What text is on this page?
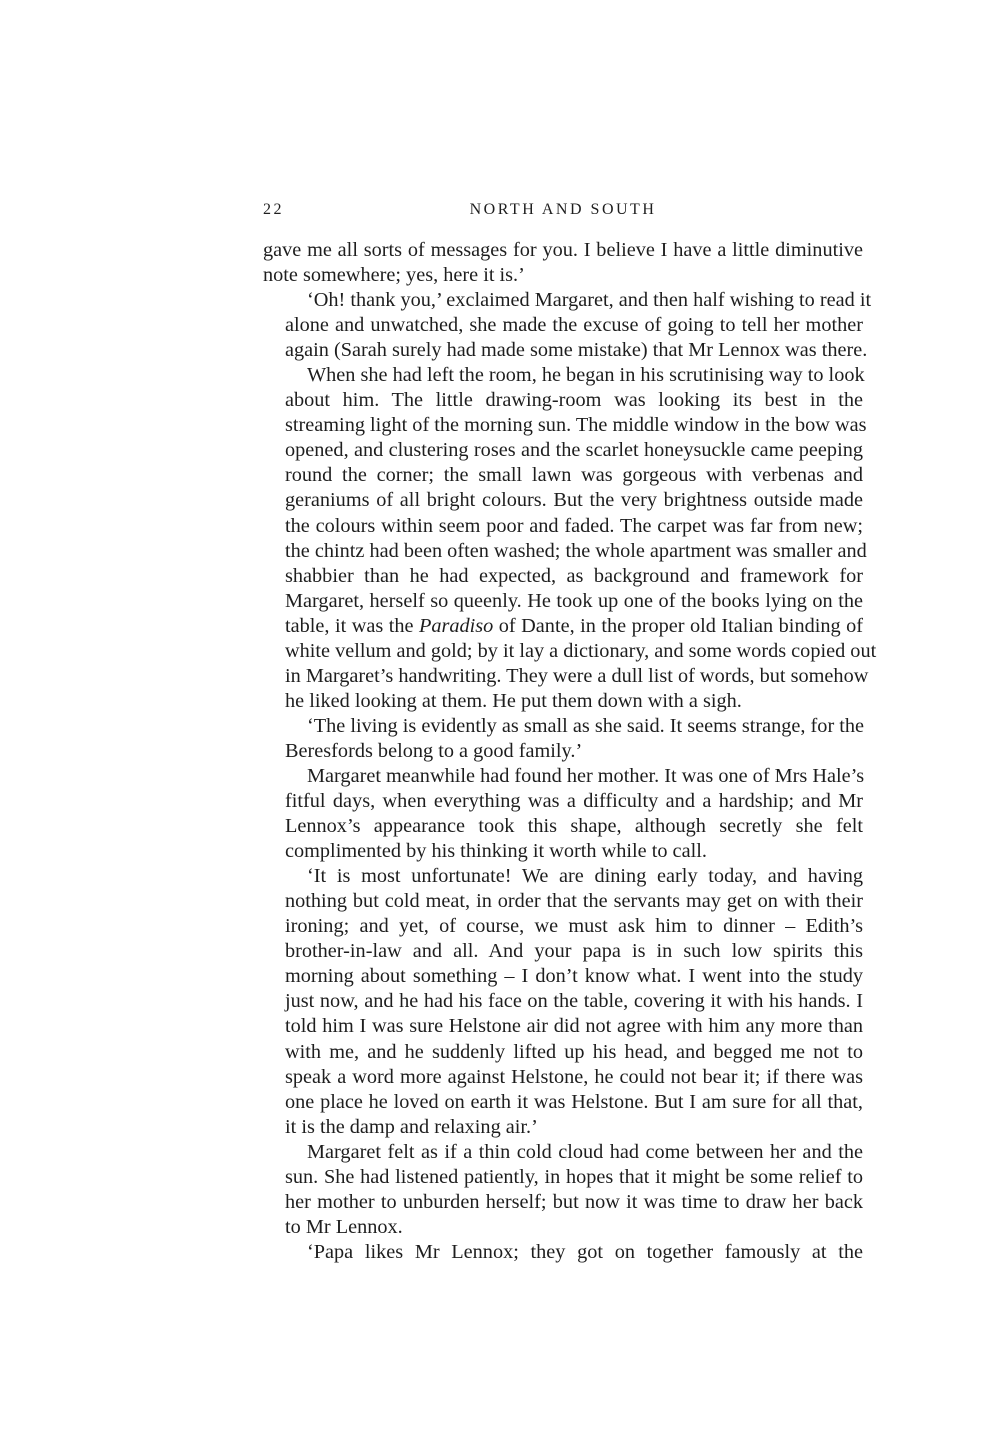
22	NORTH AND SOUTH

gave me all sorts of messages for you. I believe I have a little diminutive
note somewhere; yes, here it is.’

‘Oh! thank you,’ exclaimed Margaret, and then half wishing to read it
alone and unwatched, she made the excuse of going to tell her mother
again (Sarah surely had made some mistake) that Mr Lennox was there.

When she had left the room, he began in his scrutinising way to look
about him. The little drawing-room was looking its best in the
streaming light of the morning sun. The middle window in the bow was
opened, and clustering roses and the scarlet honeysuckle came peeping
round the corner; the small lawn was gorgeous with verbenas and
geraniums of all bright colours. But the very brightness outside made
the colours within seem poor and faded. The carpet was far from new;
the chintz had been often washed; the whole apartment was smaller and
shabbier than he had expected, as background and framework for
Margaret, herself so queenly. He took up one of the books lying on the
table, it was the Paradiso of Dante, in the proper old Italian binding of
white vellum and gold; by it lay a dictionary, and some words copied out
in Margaret’s handwriting. They were a dull list of words, but somehow
he liked looking at them. He put them down with a sigh.

‘The living is evidently as small as she said. It seems strange, for the
Beresfords belong to a good family.’

Margaret meanwhile had found her mother. It was one of Mrs Hale’s
fitful days, when everything was a difficulty and a hardship; and Mr
Lennox’s appearance took this shape, although secretly she felt
complimented by his thinking it worth while to call.

‘It is most unfortunate! We are dining early today, and having
nothing but cold meat, in order that the servants may get on with their
ironing; and yet, of course, we must ask him to dinner – Edith’s
brother-in-law and all. And your papa is in such low spirits this
morning about something – I don’t know what. I went into the study
just now, and he had his face on the table, covering it with his hands. I
told him I was sure Helstone air did not agree with him any more than
with me, and he suddenly lifted up his head, and begged me not to
speak a word more against Helstone, he could not bear it; if there was
one place he loved on earth it was Helstone. But I am sure for all that,
it is the damp and relaxing air.’

Margaret felt as if a thin cold cloud had come between her and the
sun. She had listened patiently, in hopes that it might be some relief to
her mother to unburden herself; but now it was time to draw her back
to Mr Lennox.

‘Papa likes Mr Lennox; they got on together famously at the
